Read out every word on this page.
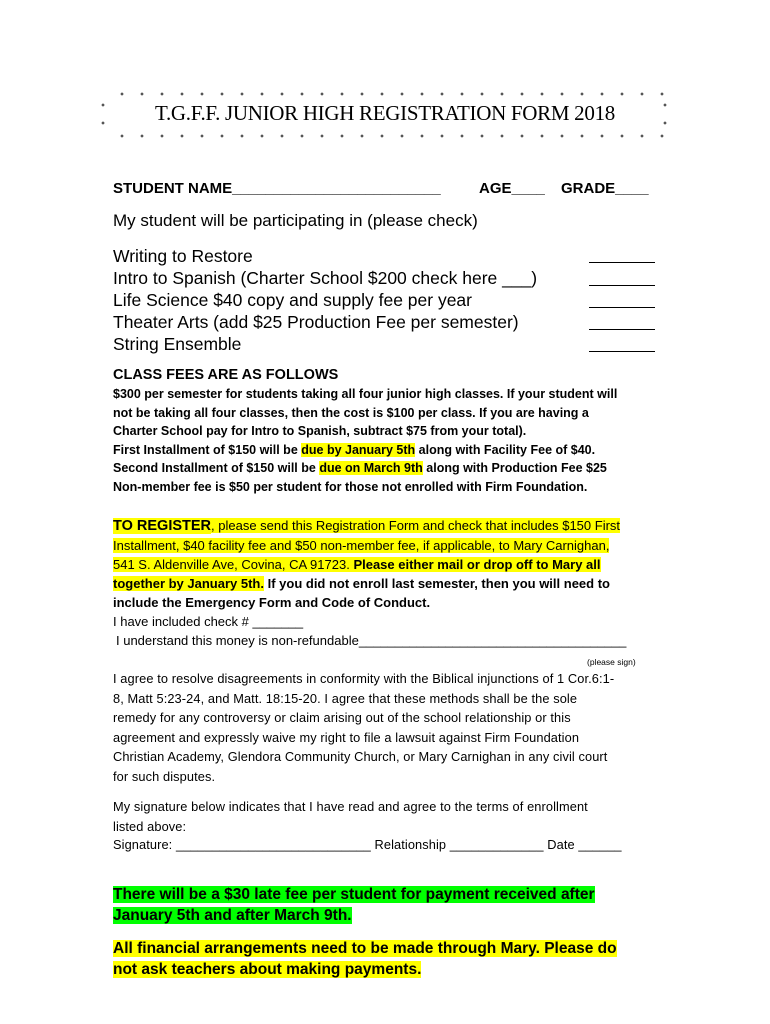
T.G.F.F. JUNIOR HIGH REGISTRATION FORM 2018
STUDENT NAME_________________________	AGE____ GRADE____
My student will be participating in (please check)
Writing to Restore
Intro to Spanish (Charter School $200 check here ___)
Life Science $40 copy and supply fee per year
Theater Arts (add $25 Production Fee per semester)
String Ensemble
CLASS FEES ARE AS FOLLOWS
$300 per semester for students taking all four junior high classes. If your student will
not be taking all four classes, then the cost is $100 per class. If you are having a
Charter School pay for Intro to Spanish, subtract $75 from your total).
First Installment of $150 will be due by January 5th along with Facility Fee of $40.
Second Installment of $150 will be due on March 9th along with Production Fee $25
Non-member fee is $50 per student for those not enrolled with Firm Foundation.
TO REGISTER, please send this Registration Form and check that includes $150 First
Installment, $40 facility fee and $50 non-member fee, if applicable, to Mary Carnighan,
541 S. Aldenville Ave, Covina, CA 91723. Please either mail or drop off to Mary all
together by January 5th. If you did not enroll last semester, then you will need to
include the Emergency Form and Code of Conduct.
I have included check # _______
I understand this money is non-refundable_____________________________________
(please sign)
I agree to resolve disagreements in conformity with the Biblical injunctions of 1 Cor.6:1-
8, Matt 5:23-24, and Matt. 18:15-20. I agree that these methods shall be the sole
remedy for any controversy or claim arising out of the school relationship or this
agreement and expressly waive my right to file a lawsuit against Firm Foundation
Christian Academy, Glendora Community Church, or Mary Carnighan in any civil court
for such disputes.
My signature below indicates that I have read and agree to the terms of enrollment
listed above:
Signature: ___________________________ Relationship _____________ Date ______
There will be a $30 late fee per student for payment received after
January 5th and after March 9th.
All financial arrangements need to be made through Mary. Please do
not ask teachers about making payments.
